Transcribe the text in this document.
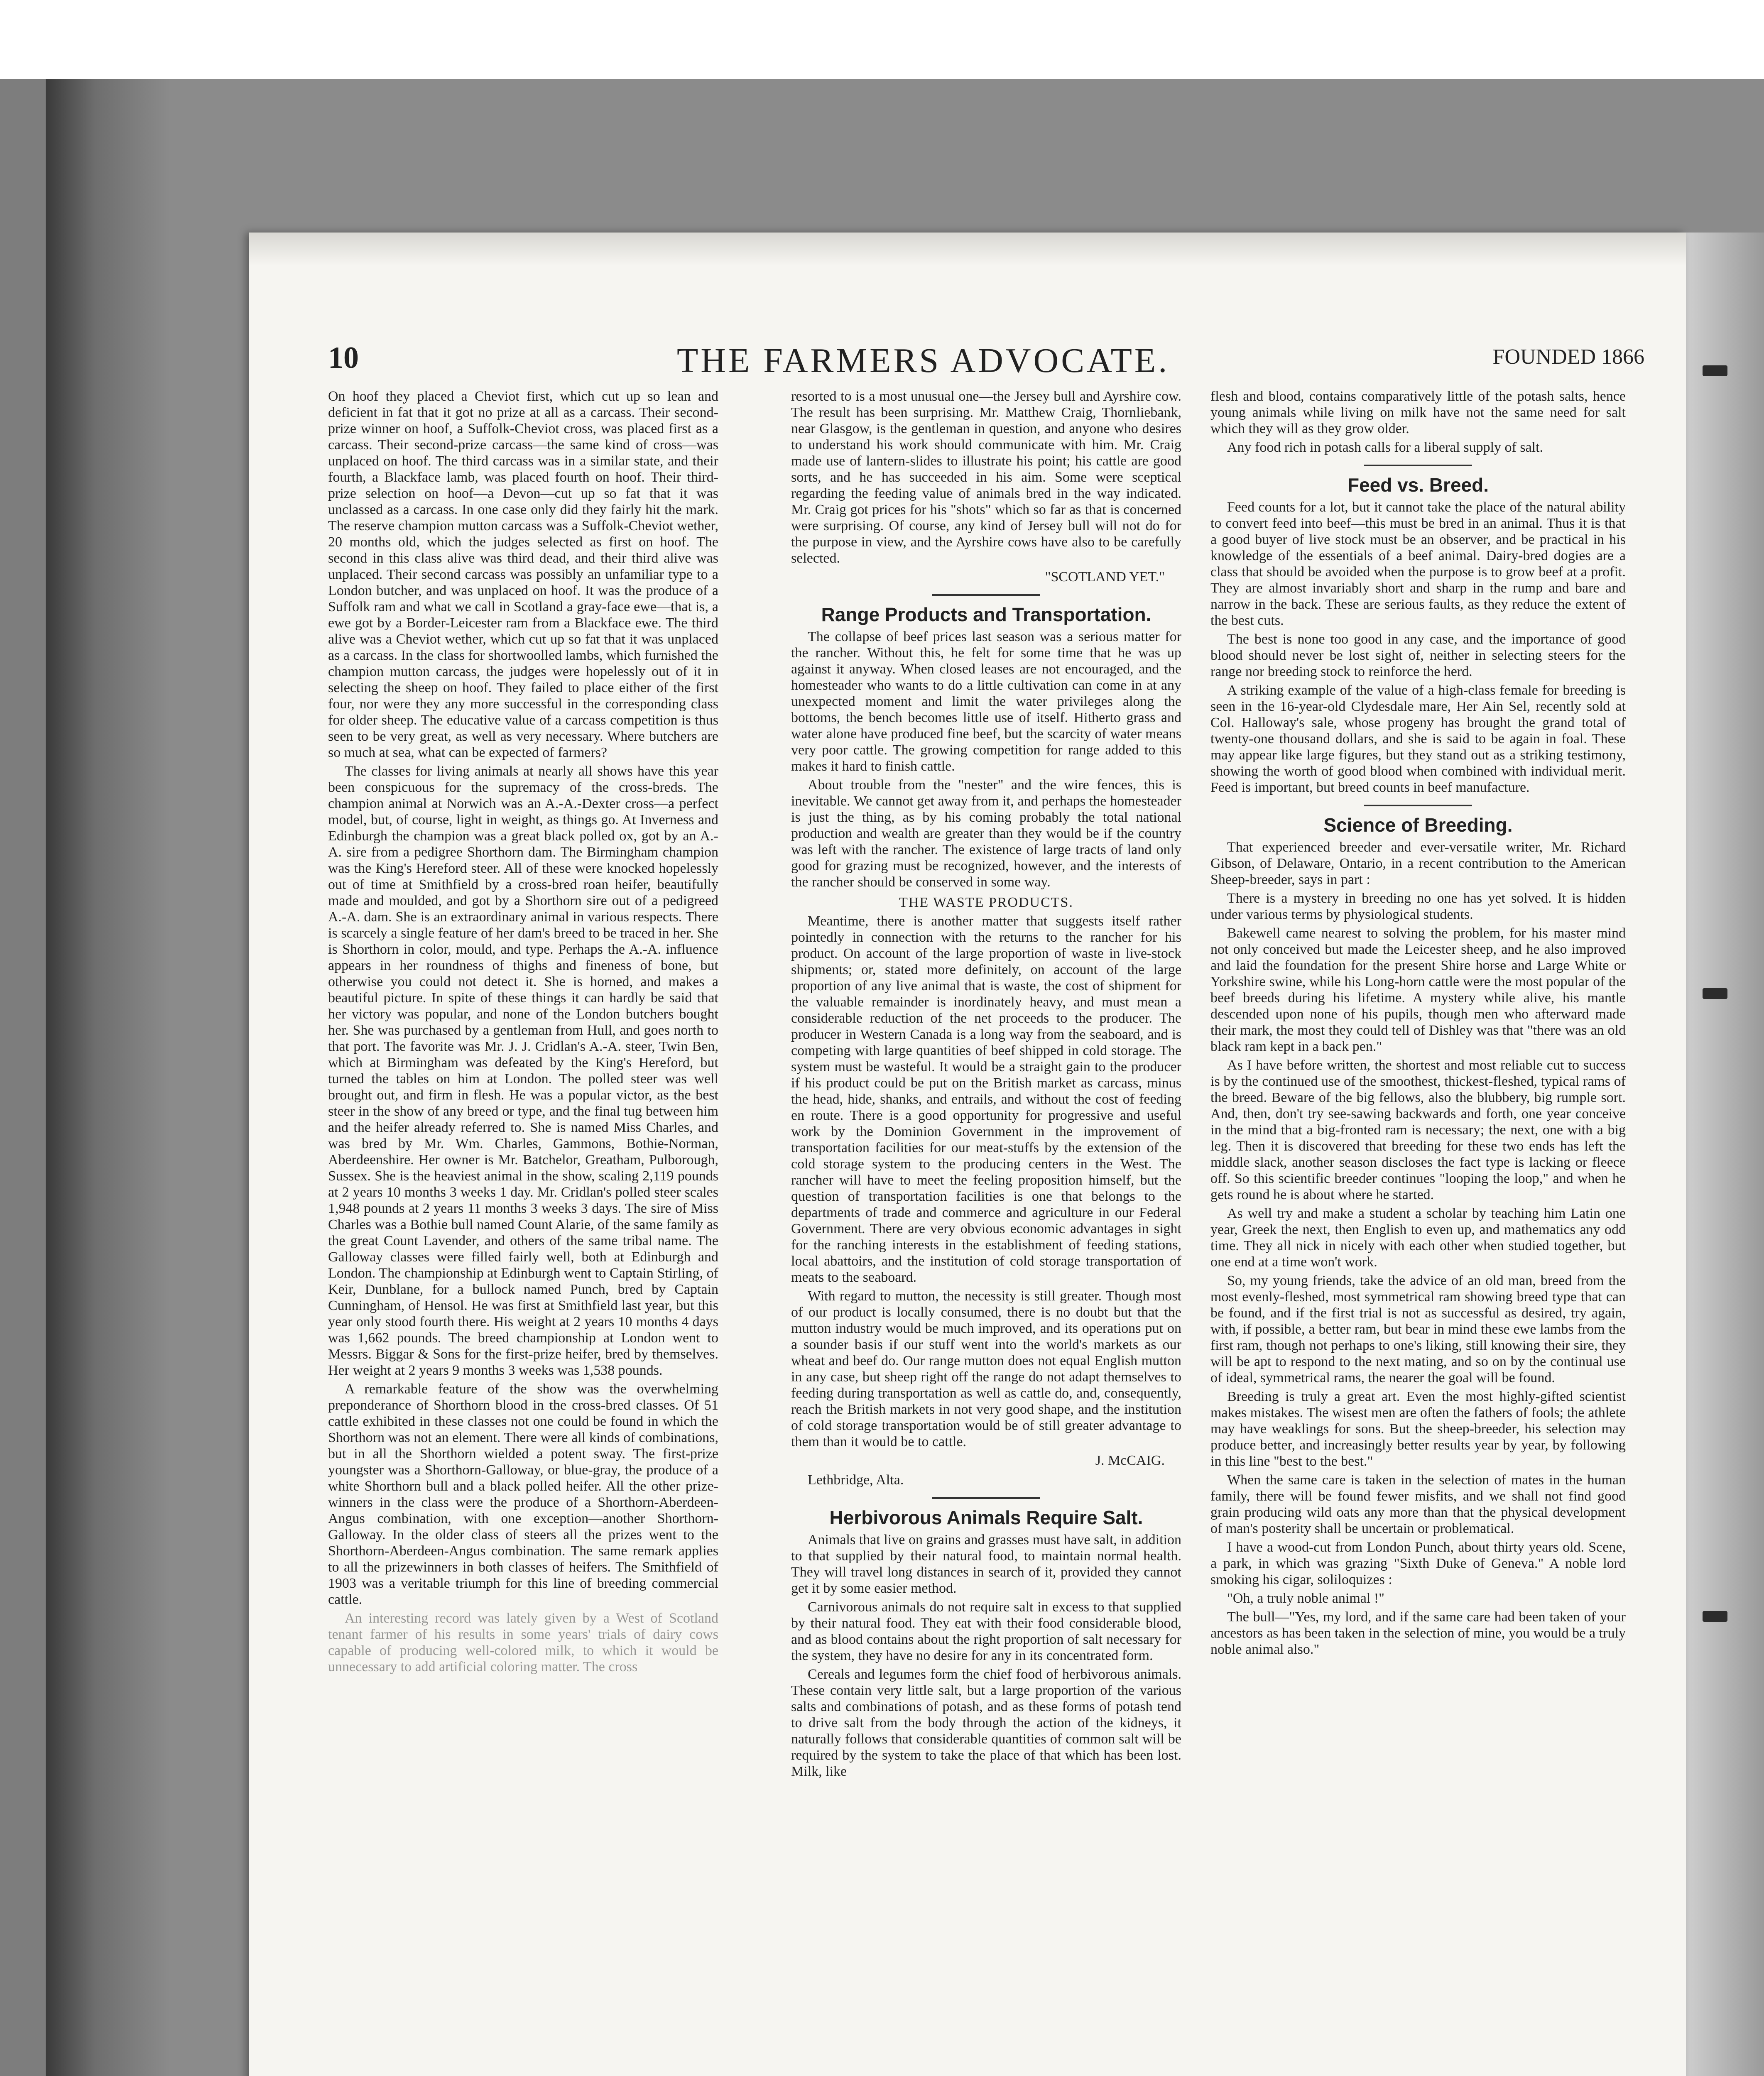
10	THE FARMERS ADVOCATE.	FOUNDED 1866

On hoof they placed a Cheviot first, which cut up so lean and deficient in fat that it got no prize at all as a carcass. Their second-prize winner on hoof, a Suffolk-Cheviot cross, was placed first as a carcass. Their second-prize carcass—the same kind of cross—was unplaced on hoof. The third carcass was in a similar state, and their fourth, a Blackface lamb, was placed fourth on hoof. Their third-prize selection on hoof—a Devon—cut up so fat that it was unclassed as a carcass. In one case only did they fairly hit the mark. The reserve champion mutton carcass was a Suffolk-Cheviot wether, 20 months old, which the judges selected as first on hoof. The second in this class alive was third dead, and their third alive was unplaced. Their second carcass was possibly an unfamiliar type to a London butcher, and was unplaced on hoof. It was the produce of a Suffolk ram and what we call in Scotland a gray-face ewe—that is, a ewe got by a Border-Leicester ram from a Blackface ewe. The third alive was a Cheviot wether, which cut up so fat that it was unplaced as a carcass. In the class for shortwoolled lambs, which furnished the champion mutton carcass, the judges were hopelessly out of it in selecting the sheep on hoof. They failed to place either of the first four, nor were they any more successful in the corresponding class for older sheep. The educative value of a carcass competition is thus seen to be very great, as well as very necessary. Where butchers are so much at sea, what can be expected of farmers?

The classes for living animals at nearly all shows have this year been conspicuous for the supremacy of the cross-breds. The champion animal at Norwich was an A.-A.-Dexter cross—a perfect model, but, of course, light in weight, as things go. At Inverness and Edinburgh the champion was a great black polled ox, got by an A.-A. sire from a pedigree Shorthorn dam. The Birmingham champion was the King's Hereford steer. All of these were knocked hopelessly out of time at Smithfield by a cross-bred roan heifer, beautifully made and moulded, and got by a Shorthorn sire out of a pedigreed A.-A. dam. She is an extraordinary animal in various respects. There is scarcely a single feature of her dam's breed to be traced in her. She is Shorthorn in color, mould, and type. Perhaps the A.-A. influence appears in her roundness of thighs and fineness of bone, but otherwise you could not detect it. She is horned, and makes a beautiful picture. In spite of these things it can hardly be said that her victory was popular, and none of the London butchers bought her. She was purchased by a gentleman from Hull, and goes north to that port. The favorite was Mr. J. J. Cridlan's A.-A. steer, Twin Ben, which at Birmingham was defeated by the King's Hereford, but turned the tables on him at London. The polled steer was well brought out, and firm in flesh. He was a popular victor, as the best steer in the show of any breed or type, and the final tug between him and the heifer already referred to. She is named Miss Charles, and was bred by Mr. Wm. Charles, Gammons, Bothie-Norman, Aberdeenshire. Her owner is Mr. Batchelor, Greatham, Pulborough, Sussex. She is the heaviest animal in the show, scaling 2,119 pounds at 2 years 10 months 3 weeks 1 day. Mr. Cridlan's polled steer scales 1,948 pounds at 2 years 11 months 3 weeks 3 days. The sire of Miss Charles was a Bothie bull named Count Alarie, of the same family as the great Count Lavender, and others of the same tribal name. The Galloway classes were filled fairly well, both at Edinburgh and London. The championship at Edinburgh went to Captain Stirling, of Keir, Dunblane, for a bullock named Punch, bred by Captain Cunningham, of Hensol. He was first at Smithfield last year, but this year only stood fourth there. His weight at 2 years 10 months 4 days was 1,662 pounds. The breed championship at London went to Messrs. Biggar & Sons for the first-prize heifer, bred by themselves. Her weight at 2 years 9 months 3 weeks was 1,538 pounds.

A remarkable feature of the show was the overwhelming preponderance of Shorthorn blood in the cross-bred classes. Of 51 cattle exhibited in these classes not one could be found in which the Shorthorn was not an element. There were all kinds of combinations, but in all the Shorthorn wielded a potent sway. The first-prize youngster was a Shorthorn-Galloway, or blue-gray, the produce of a white Shorthorn bull and a black polled heifer. All the other prize-winners in the class were the produce of a Shorthorn-Aberdeen-Angus combination, with one exception—another Shorthorn-Galloway. In the older class of steers all the prizes went to the Shorthorn-Aberdeen-Angus combination. The same remark applies to all the prizewinners in both classes of heifers. The Smithfield of 1903 was a veritable triumph for this line of breeding commercial cattle.

An interesting record was lately given by a West of Scotland tenant farmer of his results in some years' trials of dairy cows capable of producing well-colored milk, to which it would be unnecessary to add artificial coloring matter. The cross

resorted to is a most unusual one—the Jersey bull and Ayrshire cow. The result has been surprising. Mr. Matthew Craig, Thornliebank, near Glasgow, is the gentleman in question, and anyone who desires to understand his work should communicate with him. Mr. Craig made use of lantern-slides to illustrate his point; his cattle are good sorts, and he has succeeded in his aim. Some were sceptical regarding the feeding value of animals bred in the way indicated. Mr. Craig got prices for his "shots" which so far as that is concerned were surprising. Of course, any kind of Jersey bull will not do for the purpose in view, and the Ayrshire cows have also to be carefully selected.

"SCOTLAND YET."
Range Products and Transportation.

The collapse of beef prices last season was a serious matter for the rancher. Without this, he felt for some time that he was up against it anyway. When closed leases are not encouraged, and the homesteader who wants to do a little cultivation can come in at any unexpected moment and limit the water privileges along the bottoms, the bench becomes little use of itself. Hitherto grass and water alone have produced fine beef, but the scarcity of water means very poor cattle. The growing competition for range added to this makes it hard to finish cattle.

About trouble from the "nester" and the wire fences, this is inevitable. We cannot get away from it, and perhaps the homesteader is just the thing, as by his coming probably the total national production and wealth are greater than they would be if the country was left with the rancher. The existence of large tracts of land only good for grazing must be recognized, however, and the interests of the rancher should be conserved in some way.

THE WASTE PRODUCTS.

Meantime, there is another matter that suggests itself rather pointedly in connection with the returns to the rancher for his product. On account of the large proportion of waste in live-stock shipments; or, stated more definitely, on account of the large proportion of any live animal that is waste, the cost of shipment for the valuable remainder is inordinately heavy, and must mean a considerable reduction of the net proceeds to the producer. The producer in Western Canada is a long way from the seaboard, and is competing with large quantities of beef shipped in cold storage. The system must be wasteful. It would be a straight gain to the producer if his product could be put on the British market as carcass, minus the head, hide, shanks, and entrails, and without the cost of feeding en route. There is a good opportunity for progressive and useful work by the Dominion Government in the improvement of transportation facilities for our meat-stuffs by the extension of the cold storage system to the producing centers in the West. The rancher will have to meet the feeling proposition himself, but the question of transportation facilities is one that belongs to the departments of trade and commerce and agriculture in our Federal Government. There are very obvious economic advantages in sight for the ranching interests in the establishment of feeding stations, local abattoirs, and the institution of cold storage transportation of meats to the seaboard.

With regard to mutton, the necessity is still greater. Though most of our product is locally consumed, there is no doubt but that the mutton industry would be much improved, and its operations put on a sounder basis if our stuff went into the world's markets as our wheat and beef do. Our range mutton does not equal English mutton in any case, but sheep right off the range do not adapt themselves to feeding during transportation as well as cattle do, and, consequently, reach the British markets in not very good shape, and the institution of cold storage transportation would be of still greater advantage to them than it would be to cattle.

J. McCAIG.
Lethbridge, Alta.
Herbivorous Animals Require Salt.

Animals that live on grains and grasses must have salt, in addition to that supplied by their natural food, to maintain normal health. They will travel long distances in search of it, provided they cannot get it by some easier method.

Carnivorous animals do not require salt in excess to that supplied by their natural food. They eat with their food considerable blood, and as blood contains about the right proportion of salt necessary for the system, they have no desire for any in its concentrated form.

Cereals and legumes form the chief food of herbivorous animals. These contain very little salt, but a large proportion of the various salts and combinations of potash, and as these forms of potash tend to drive salt from the body through the action of the kidneys, it naturally follows that considerable quantities of common salt will be required by the system to take the place of that which has been lost. Milk, like

flesh and blood, contains comparatively little of the potash salts, hence young animals while living on milk have not the same need for salt which they will as they grow older.

Any food rich in potash calls for a liberal supply of salt.

Feed vs. Breed.

Feed counts for a lot, but it cannot take the place of the natural ability to convert feed into beef—this must be bred in an animal. Thus it is that a good buyer of live stock must be an observer, and be practical in his knowledge of the essentials of a beef animal. Dairy-bred dogies are a class that should be avoided when the purpose is to grow beef at a profit. They are almost invariably short and sharp in the rump and bare and narrow in the back. These are serious faults, as they reduce the extent of the best cuts.

The best is none too good in any case, and the importance of good blood should never be lost sight of, neither in selecting steers for the range nor breeding stock to reinforce the herd.

A striking example of the value of a high-class female for breeding is seen in the 16-year-old Clydesdale mare, Her Ain Sel, recently sold at Col. Halloway's sale, whose progeny has brought the grand total of twenty-one thousand dollars, and she is said to be again in foal. These may appear like large figures, but they stand out as a striking testimony, showing the worth of good blood when combined with individual merit. Feed is important, but breed counts in beef manufacture.

Science of Breeding.

That experienced breeder and ever-versatile writer, Mr. Richard Gibson, of Delaware, Ontario, in a recent contribution to the American Sheep-breeder, says in part :

There is a mystery in breeding no one has yet solved. It is hidden under various terms by physiological students.

Bakewell came nearest to solving the problem, for his master mind not only conceived but made the Leicester sheep, and he also improved and laid the foundation for the present Shire horse and Large White or Yorkshire swine, while his Long-horn cattle were the most popular of the beef breeds during his lifetime. A mystery while alive, his mantle descended upon none of his pupils, though men who afterward made their mark, the most they could tell of Dishley was that "there was an old black ram kept in a back pen."

As I have before written, the shortest and most reliable cut to success is by the continued use of the smoothest, thickest-fleshed, typical rams of the breed. Beware of the big fellows, also the blubbery, big rumple sort. And, then, don't try see-sawing backwards and forth, one year conceive in the mind that a big-fronted ram is necessary; the next, one with a big leg. Then it is discovered that breeding for these two ends has left the middle slack, another season discloses the fact type is lacking or fleece off. So this scientific breeder continues "looping the loop," and when he gets round he is about where he started.

As well try and make a student a scholar by teaching him Latin one year, Greek the next, then English to even up, and mathematics any odd time. They all nick in nicely with each other when studied together, but one end at a time won't work.

So, my young friends, take the advice of an old man, breed from the most evenly-fleshed, most symmetrical ram showing breed type that can be found, and if the first trial is not as successful as desired, try again, with, if possible, a better ram, but bear in mind these ewe lambs from the first ram, though not perhaps to one's liking, still knowing their sire, they will be apt to respond to the next mating, and so on by the continual use of ideal, symmetrical rams, the nearer the goal will be found.

Breeding is truly a great art. Even the most highly-gifted scientist makes mistakes. The wisest men are often the fathers of fools; the athlete may have weaklings for sons. But the sheep-breeder, his selection may produce better, and increasingly better results year by year, by following in this line "best to the best."

When the same care is taken in the selection of mates in the human family, there will be found fewer misfits, and we shall not find good grain producing wild oats any more than that the physical development of man's posterity shall be uncertain or problematical.

I have a wood-cut from London Punch, about thirty years old. Scene, a park, in which was grazing "Sixth Duke of Geneva." A noble lord smoking his cigar, soliloquizes :

"Oh, a truly noble animal !"

The bull—"Yes, my lord, and if the same care had been taken of your ancestors as has been taken in the selection of mine, you would be a truly noble animal also."
